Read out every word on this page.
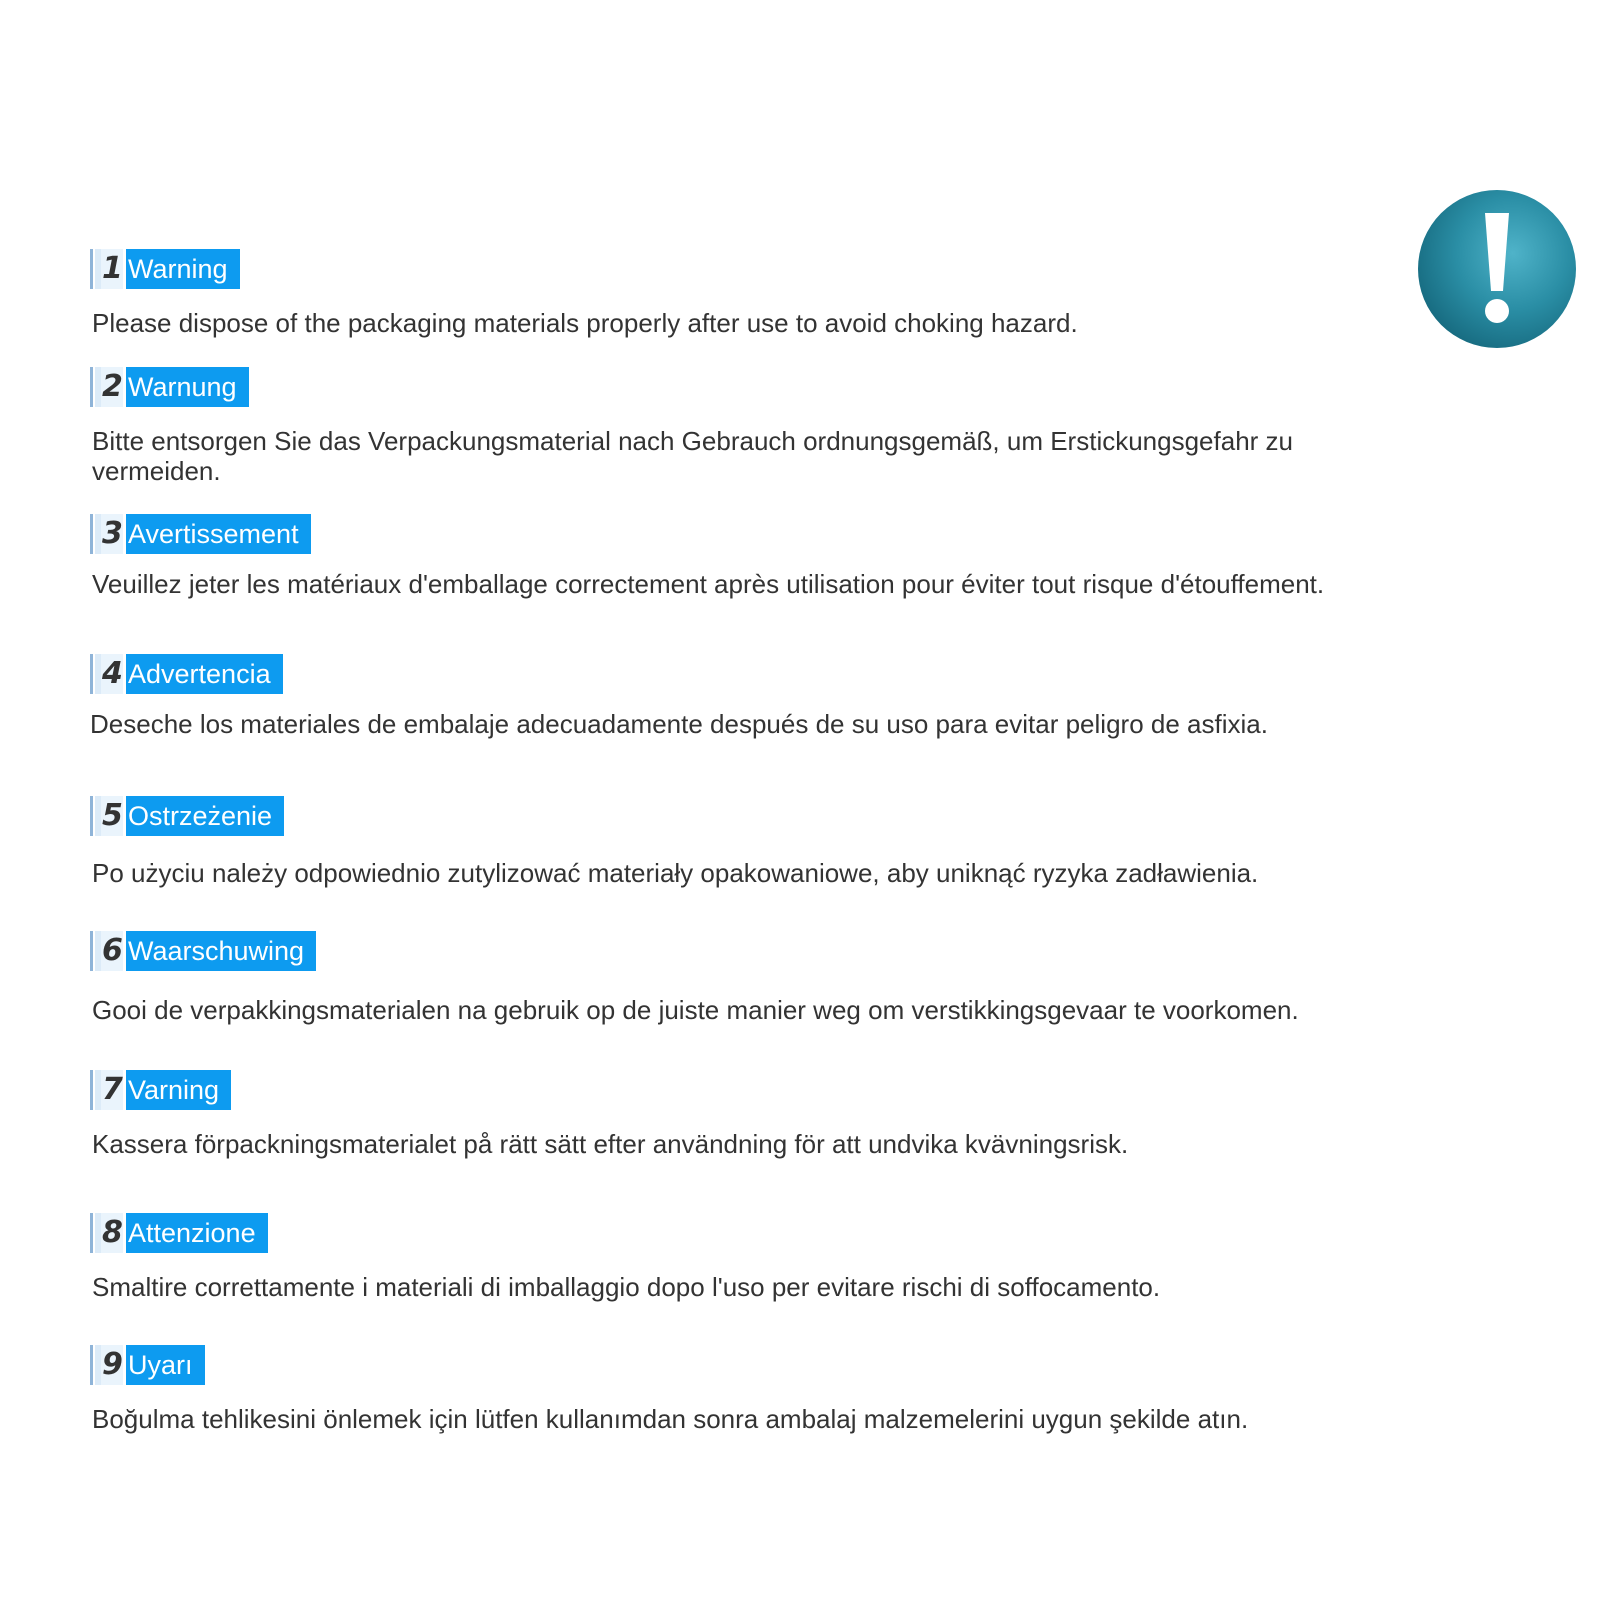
1 Warning
Please dispose of the packaging materials properly after use to avoid choking hazard.
2 Warnung
Bitte entsorgen Sie das Verpackungsmaterial nach Gebrauch ordnungsgemäß, um Erstickungsgefahr zu vermeiden.
3 Avertissement
Veuillez jeter les matériaux d'emballage correctement après utilisation pour éviter tout risque d'étouffement.
4 Advertencia
Deseche los materiales de embalaje adecuadamente después de su uso para evitar peligro de asfixia.
5 Ostrzeżenie
Po użyciu należy odpowiednio zutylizować materiały opakowaniowe, aby uniknąć ryzyka zadławienia.
6 Waarschuwing
Gooi de verpakkingsmaterialen na gebruik op de juiste manier weg om verstikkingsgevaar te voorkomen.
7 Varning
Kassera förpackningsmaterialet på rätt sätt efter användning för att undvika kvävningsrisk.
8 Attenzione
Smaltire correttamente i materiali di imballaggio dopo l'uso per evitare rischi di soffocamento.
9 Uyarı
Boğulma tehlikesini önlemek için lütfen kullanımdan sonra ambalaj malzemelerini uygun şekilde atın.
